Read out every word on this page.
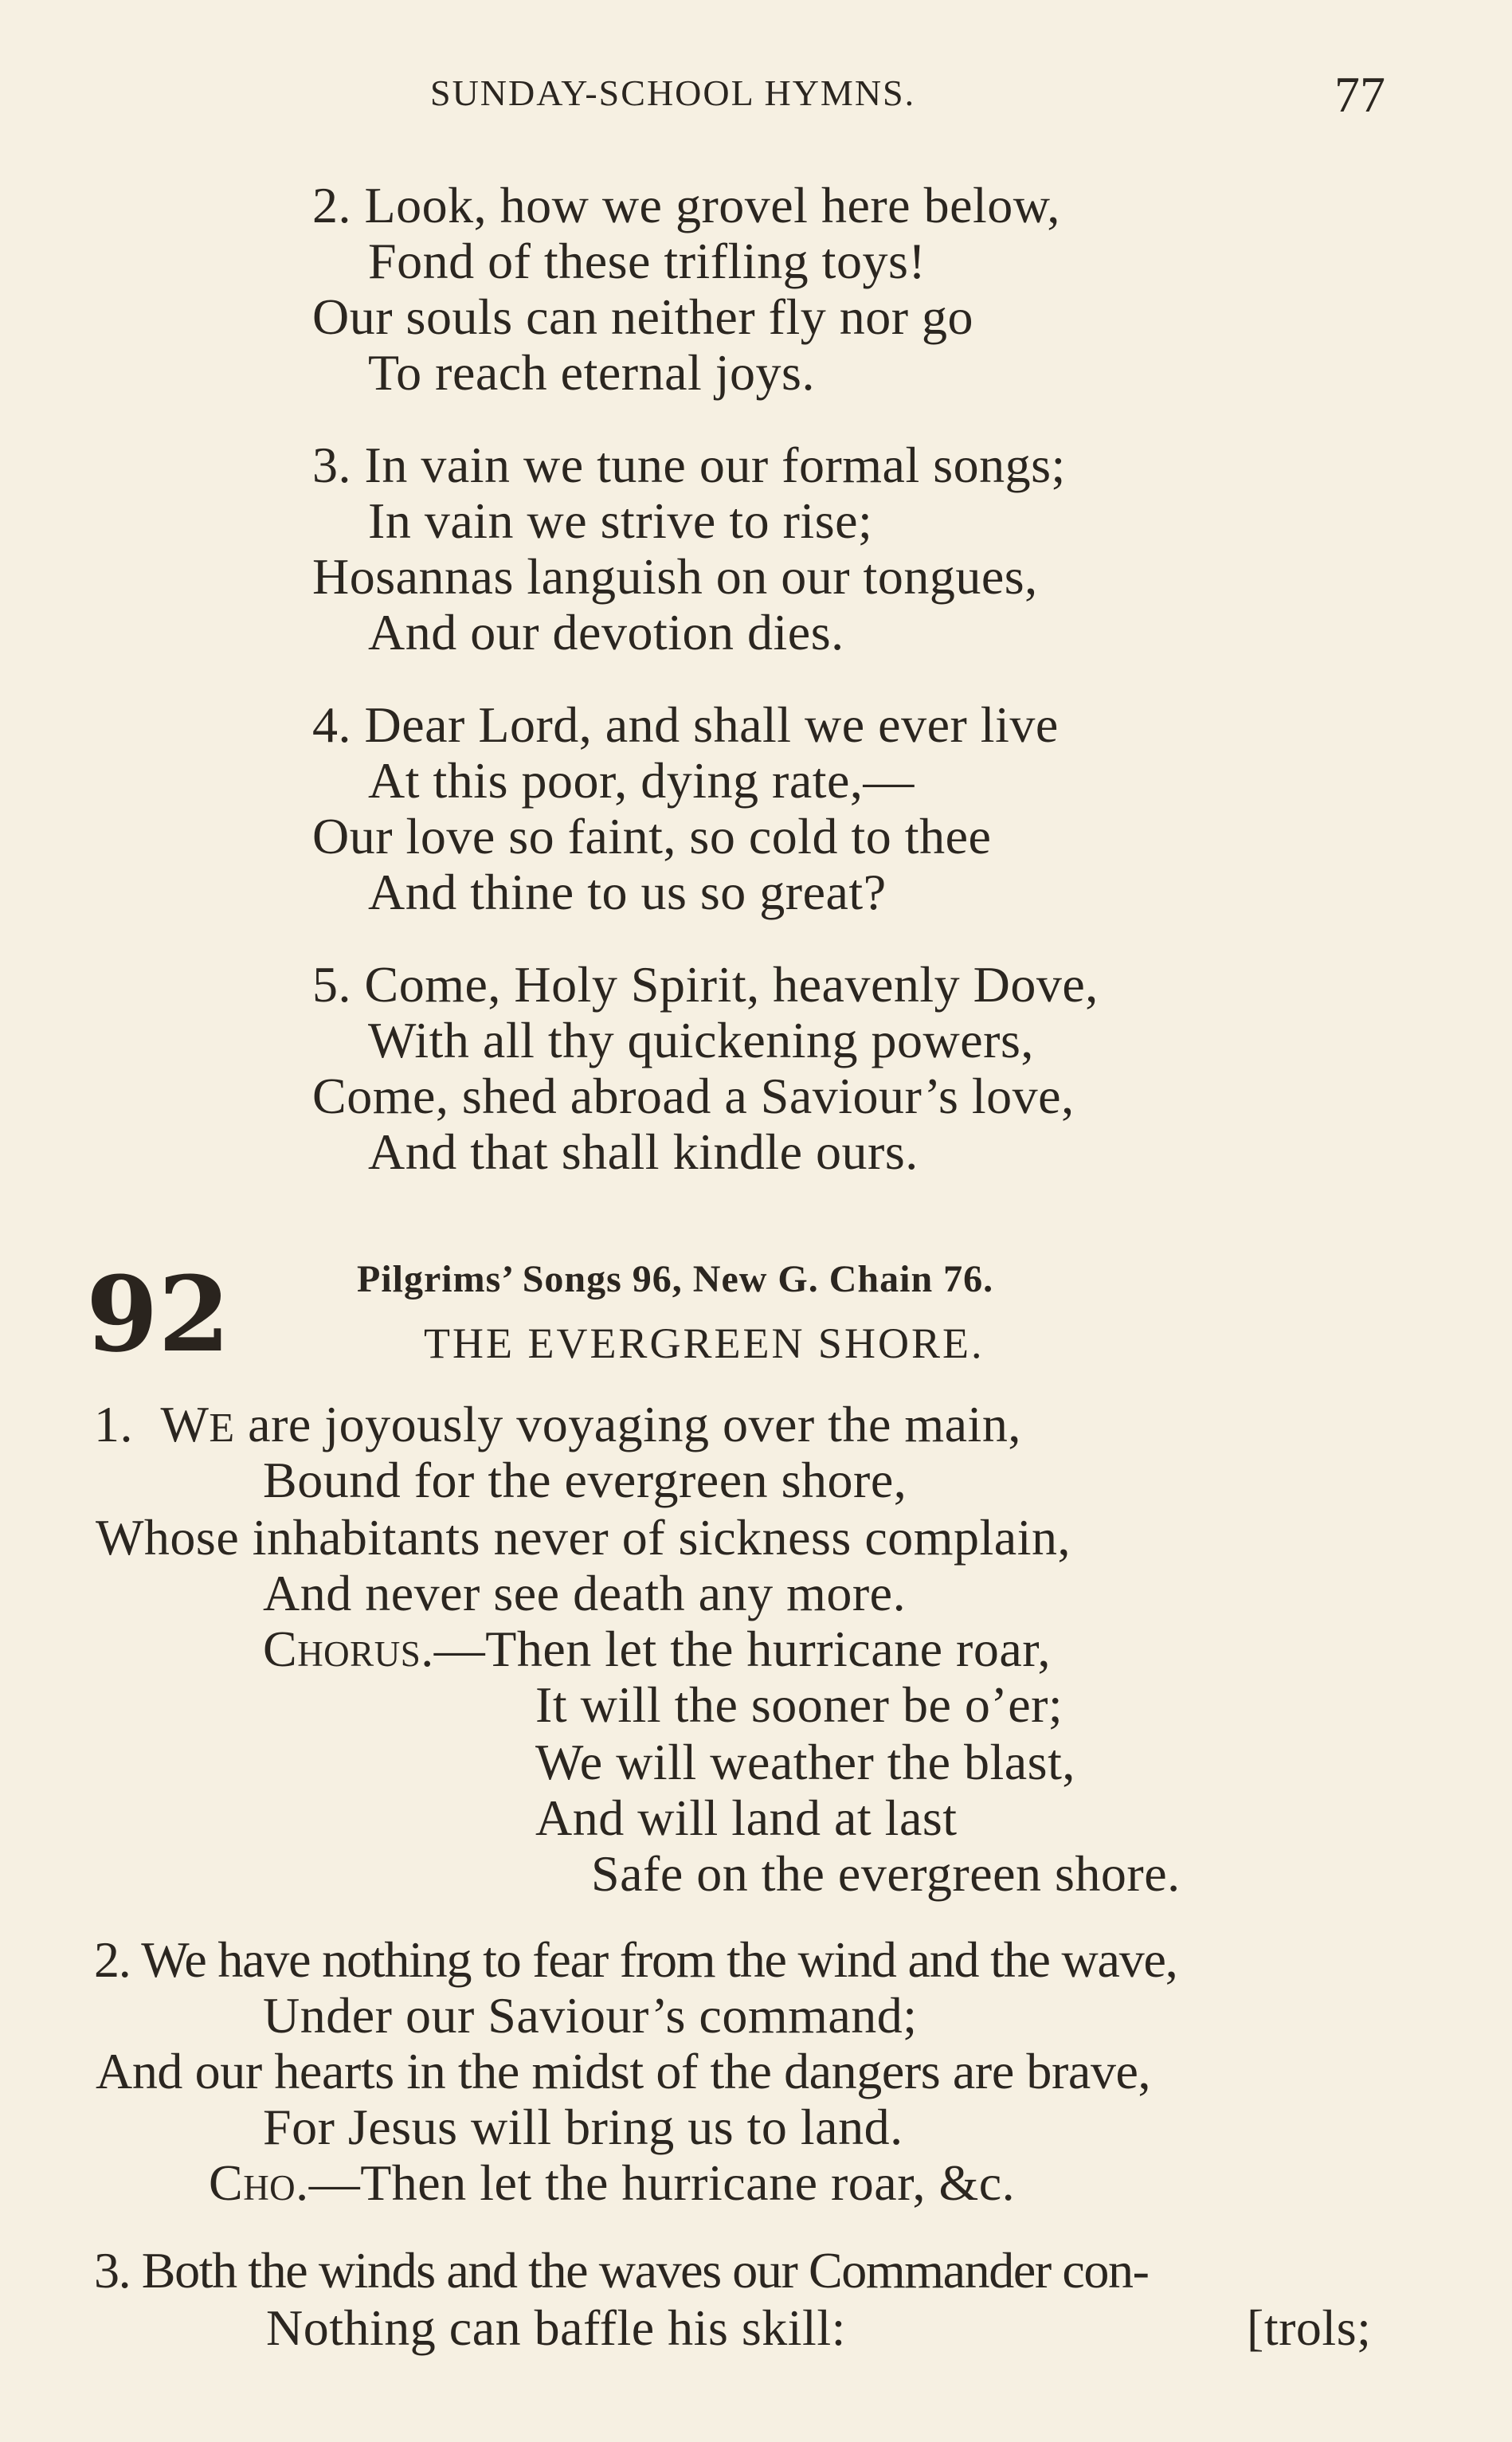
SUNDAY-SCHOOL HYMNS.	77
2. Look, how we grovel here below,
Fond of these trifling toys!
Our souls can neither fly nor go
To reach eternal joys.
3. In vain we tune our formal songs;
In vain we strive to rise;
Hosannas languish on our tongues,
And our devotion dies.
4. Dear Lord, and shall we ever live
At this poor, dying rate,—
Our love so faint, so cold to thee
And thine to us so great?
5. Come, Holy Spirit, heavenly Dove,
With all thy quickening powers,
Come, shed abroad a Saviour’s love,
And that shall kindle ours.
92	Pilgrims’ Songs 96, New G. Chain 76.
THE EVERGREEN SHORE.
1. WE are joyously voyaging over the main,
Bound for the evergreen shore,
Whose inhabitants never of sickness complain,
And never see death any more.
Chorus.—Then let the hurricane roar,
It will the sooner be o’er;
We will weather the blast,
And will land at last
Safe on the evergreen shore.
2. We have nothing to fear from the wind and the wave,
Under our Saviour’s command;
And our hearts in the midst of the dangers are brave,
For Jesus will bring us to land.
Cho.—Then let the hurricane roar, &c.
3. Both the winds and the waves our Commander con-
Nothing can baffle his skill:	[trols;
